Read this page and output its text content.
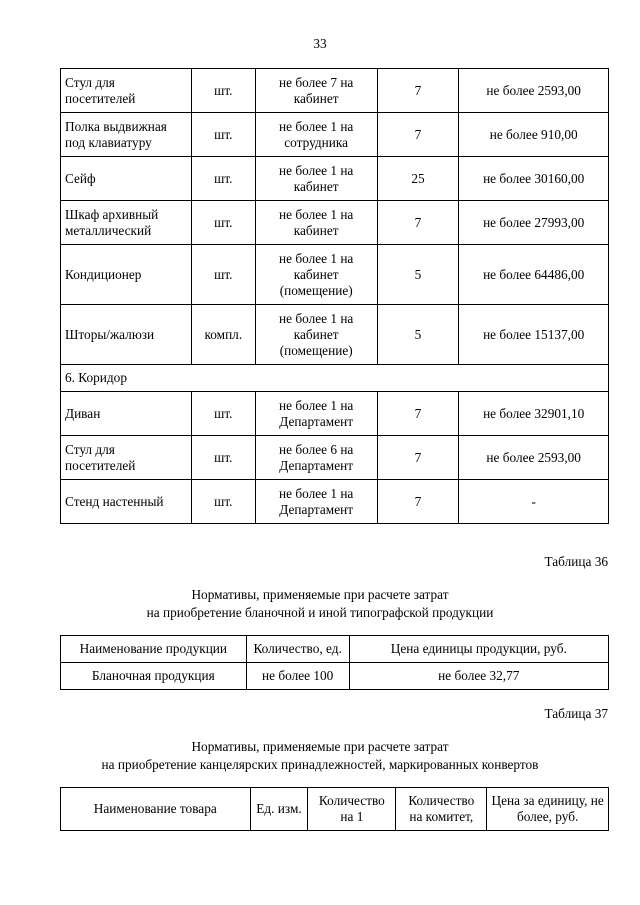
33
Стул для посетителей	шт.	не более 7 на кабинет	7	не более 2593,00
Полка выдвижная под клавиатуру	шт.	не более 1 на сотрудника	7	не более 910,00
Сейф	шт.	не более 1 на кабинет	25	не более 30160,00
Шкаф архивный металлический	шт.	не более 1 на кабинет	7	не более 27993,00
Кондиционер	шт.	не более 1 на кабинет (помещение)	5	не более 64486,00
Шторы/жалюзи	компл.	не более 1 на кабинет (помещение)	5	не более 15137,00
6. Коридор				
Диван	шт.	не более 1 на Департамент	7	не более 32901,10
Стул для посетителей	шт.	не более 6 на Департамент	7	не более 2593,00
Стенд настенный	шт.	не более 1 на Департамент	7	-
Таблица 36
Нормативы, применяемые при расчете затрат
на приобретение бланочной и иной типографской продукции
Наименование продукции	Количество, ед.	Цена единицы продукции, руб.
Бланочная продукция	не более 100	не более 32,77
Таблица 37
Нормативы, применяемые при расчете затрат
на приобретение канцелярских принадлежностей, маркированных конвертов
Наименование товара	Ед. изм.	Количество на 1	Количество на комитет,	Цена за единицу, не более, руб.
